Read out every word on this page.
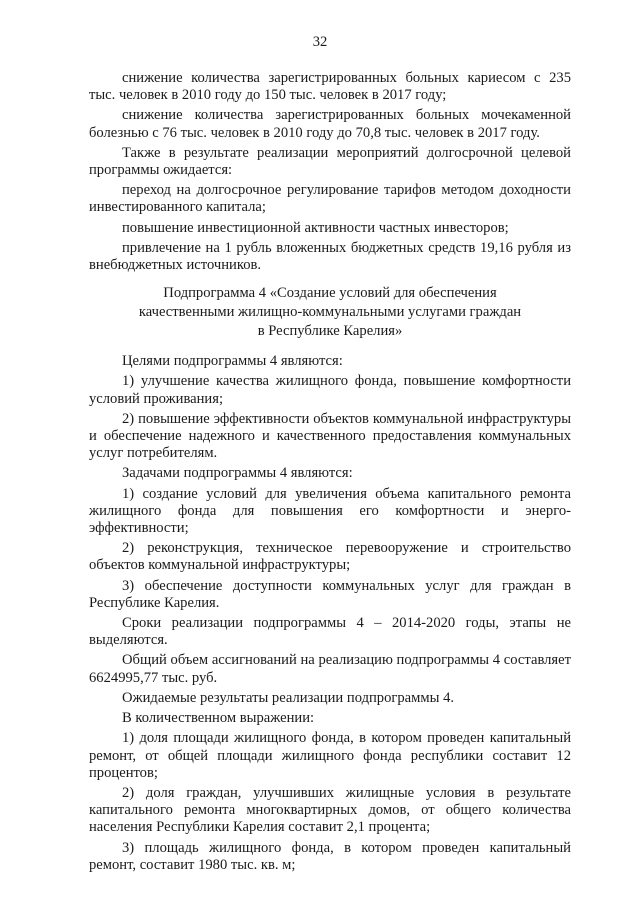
32

снижение количества зарегистрированных больных кариесом с 235 тыс. человек в 2010 году до 150 тыс. человек в 2017 году;

снижение количества зарегистрированных больных мочекаменной болезнью с 76 тыс. человек в 2010 году до 70,8 тыс. человек в 2017 году.

Также в результате реализации мероприятий долгосрочной целевой программы ожидается:

переход на долгосрочное регулирование тарифов методом доходности инвестированного капитала;

повышение инвестиционной активности частных инвесторов;

привлечение на 1 рубль вложенных бюджетных средств 19,16 рубля из внебюджетных источников.

Подпрограмма 4 «Создание условий для обеспечения
качественными жилищно-коммунальными услугами граждан
в Республике Карелия»

Целями подпрограммы 4 являются:

1) улучшение качества жилищного фонда, повышение комфортности условий проживания;

2) повышение эффективности объектов коммунальной инфраструктуры и обеспечение надежного и качественного предоставления коммунальных услуг потребителям.

Задачами подпрограммы 4 являются:

1) создание условий для увеличения объема капитального ремонта жилищного фонда для повышения его комфортности и энергоэффективности;

2) реконструкция, техническое перевооружение и строительство объектов коммунальной инфраструктуры;

3) обеспечение доступности коммунальных услуг для граждан в Республике Карелия.

Сроки реализации подпрограммы 4 – 2014-2020 годы, этапы не выделяются.

Общий объем ассигнований на реализацию подпрограммы 4 составляет 6624995,77 тыс. руб.

Ожидаемые результаты реализации подпрограммы 4.

В количественном выражении:

1) доля площади жилищного фонда, в котором проведен капитальный ремонт, от общей площади жилищного фонда республики составит 12 процентов;

2) доля граждан, улучшивших жилищные условия в результате капитального ремонта многоквартирных домов, от общего количества населения Республики Карелия составит 2,1 процента;

3) площадь жилищного фонда, в котором проведен капитальный ремонт, составит 1980 тыс. кв. м;
